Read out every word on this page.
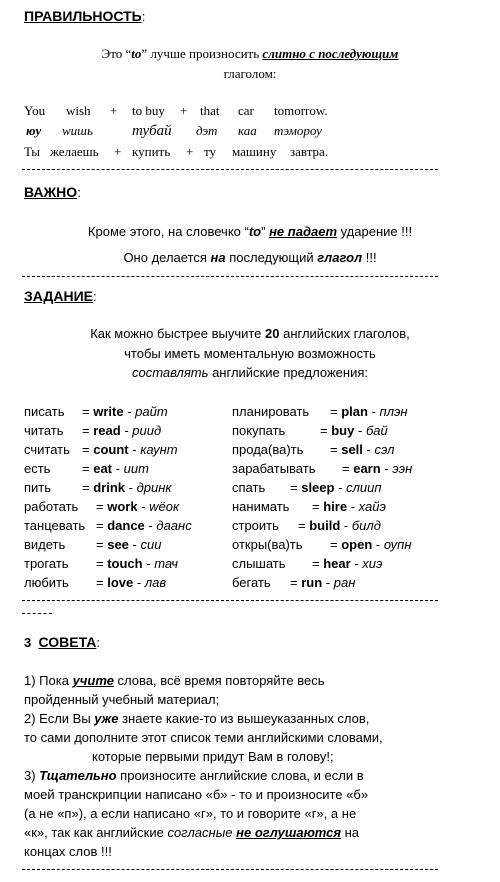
ПРАВИЛЬНОСТЬ:
Это “to” лучше произносить слитно с последующим
глаголом:
You wish + to buy + that car tomorrow.
юу wишь	тубай дэт каа тэмороу
Ты желаешь + купить + ту машину завтра.
ВАЖНО:
Кроме этого, на словечко “to” не падает ударение !!!
Оно делается на последующий глагол !!!
ЗАДАНИЕ:
Как можно быстрее выучите 20 английских глаголов,
чтобы иметь моментальную возможность
составлять английские предложения:
писать = write - райт
читать = read - риид
считать = count - каунт
есть = eat - иит
пить = drink - дринк
работать = work - wёок
танцевать = dance - даанс
видеть = see - сии
трогать = touch - тач
любить = love - лав
планировать = plan - плэн
покупать	= buy - бай
прода(ва)ть = sell - сэл
зарабатывать = earn - ээн
спать = sleep - слиип
нанимать = hire - хайэ
строить = build - билд
откры(ва)ть = open - оупн
слышать = hear - хиэ
бегать = run - ран
3 СОВЕТА:
1) Пока учите слова, всё время повторяйте весь
пройденный учебный материал;
2) Если Вы уже знаете какие-то из вышеуказанных слов,
то сами дополните этот список теми английскими словами,
которые первыми придут Вам в голову!;
3) Тщательно произносите английские слова, и если в
моей транскрипции написано «б» - то и произносите «б»
(а не «п»), а если написано «г», то и говорите «г», а не
«к», так как английские согласные не оглушаются на
концах слов !!!
